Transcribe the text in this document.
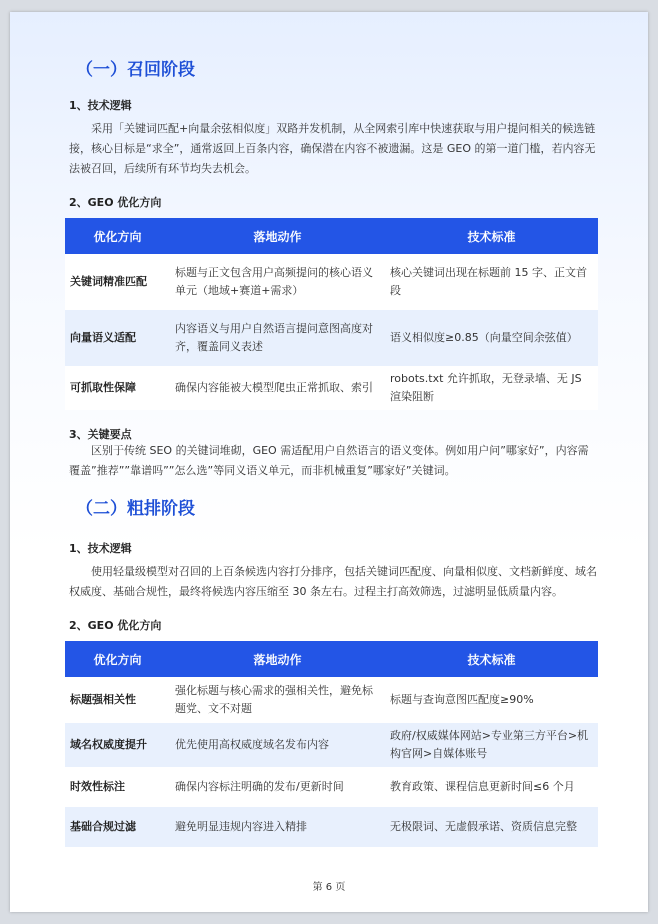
（一）召回阶段
1、技术逻辑

采用「关键词匹配+向量余弦相似度」双路并发机制，从全网索引库中快速获取与用户提问相关的候选链接，核心目标是“求全”，通常返回上百条内容，确保潜在内容不被遗漏。这是 GEO 的第一道门槛，若内容无法被召回，后续所有环节均失去机会。

2、GEO 优化方向
优化方向	落地动作	技术标准
关键词精准匹配	标题与正文包含用户高频提问的核心语义单元（地域+赛道+需求）	核心关键词出现在标题前 15 字、正文首段
向量语义适配	内容语义与用户自然语言提问意图高度对齐，覆盖同义表述	语义相似度≥0.85（向量空间余弦值）
可抓取性保障	确保内容能被大模型爬虫正常抓取、索引	robots.txt 允许抓取，无登录墙、无 JS 渲染阻断
3、关键要点

区别于传统 SEO 的关键词堆砌，GEO 需适配用户自然语言的语义变体。例如用户问”哪家好”，内容需覆盖”推荐””靠谱吗””怎么选”等同义语义单元，而非机械重复”哪家好”关键词。

（二）粗排阶段
1、技术逻辑

使用轻量级模型对召回的上百条候选内容打分排序，包括关键词匹配度、向量相似度、文档新鲜度、域名权威度、基础合规性，最终将候选内容压缩至 30 条左右。过程主打高效筛选，过滤明显低质量内容。

2、GEO 优化方向
优化方向	落地动作	技术标准
标题强相关性	强化标题与核心需求的强相关性，避免标题党、文不对题	标题与查询意图匹配度≥90%
域名权威度提升	优先使用高权威度域名发布内容	政府/权威媒体网站>专业第三方平台>机构官网>自媒体账号
时效性标注	确保内容标注明确的发布/更新时间	教育政策、课程信息更新时间≤6 个月
基础合规过滤	避免明显违规内容进入精排	无极限词、无虚假承诺、资质信息完整
第 6 页
